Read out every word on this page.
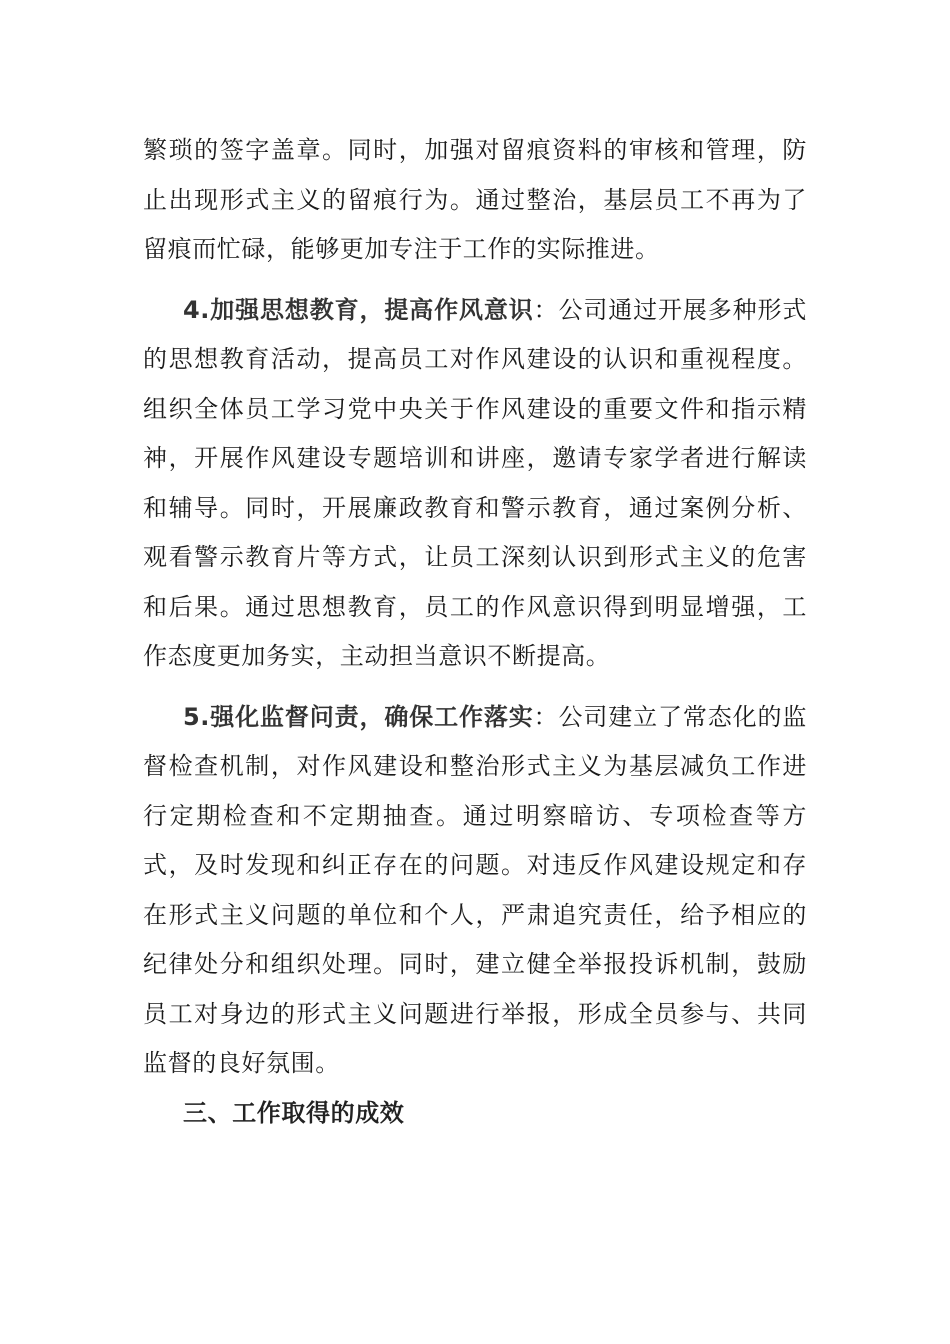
繁琐的签字盖章。同时，加强对留痕资料的审核和管理，防止出现形式主义的留痕行为。通过整治，基层员工不再为了留痕而忙碌，能够更加专注于工作的实际推进。

4.加强思想教育，提高作风意识：公司通过开展多种形式的思想教育活动，提高员工对作风建设的认识和重视程度。组织全体员工学习党中央关于作风建设的重要文件和指示精神，开展作风建设专题培训和讲座，邀请专家学者进行解读和辅导。同时，开展廉政教育和警示教育，通过案例分析、观看警示教育片等方式，让员工深刻认识到形式主义的危害和后果。通过思想教育，员工的作风意识得到明显增强，工作态度更加务实，主动担当意识不断提高。

5.强化监督问责，确保工作落实：公司建立了常态化的监督检查机制，对作风建设和整治形式主义为基层减负工作进行定期检查和不定期抽查。通过明察暗访、专项检查等方式，及时发现和纠正存在的问题。对违反作风建设规定和存在形式主义问题的单位和个人，严肃追究责任，给予相应的纪律处分和组织处理。同时，建立健全举报投诉机制，鼓励员工对身边的形式主义问题进行举报，形成全员参与、共同监督的良好氛围。

三、工作取得的成效
